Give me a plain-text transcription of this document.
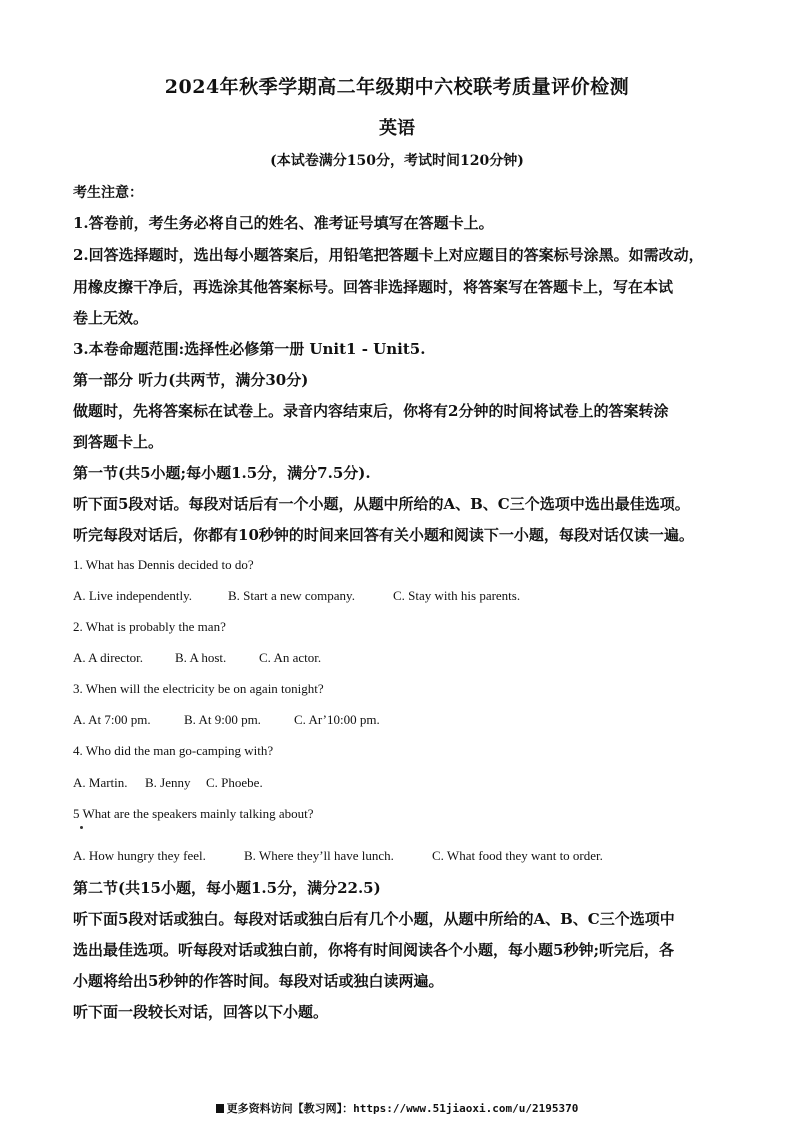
2024年秋季学期高二年级期中六校联考质量评价检测
英语
(本试卷满分150分，考试时间120分钟)
考生注意：
1.答卷前，考生务必将自己的姓名、准考证号填写在答题卡上。
2.回答选择题时，选出每小题答案后，用铅笔把答题卡上对应题目的答案标号涂黑。如需改动，
用橡皮擦干净后，再选涂其他答案标号。回答非选择题时，将答案写在答题卡上，写在本试
卷上无效。
3.本卷命题范围:选择性必修第一册 Unit1 - Unit5.
第一部分 听力(共两节，满分30分)
做题时，先将答案标在试卷上。录音内容结束后，你将有2分钟的时间将试卷上的答案转涂
到答题卡上。
第一节(共5小题;每小题1.5分，满分7.5分).
听下面5段对话。每段对话后有一个小题，从题中所给的A、B、C三个选项中选出最佳选项。
听完每段对话后，你都有10秒钟的时间来回答有关小题和阅读下一小题，每段对话仅读一遍。
1. What has Dennis decided to do?
A. Live independently.	B. Start a new company.	C. Stay with his parents.
2. What is probably the man?
A. A director. B. A host.	C. An actor.
3. When will the electricity be on again tonight?
A. At 7:00 pm.	B. At 9:00 pm.	C. Ar’10:00 pm.
4. Who did the man go-camping with?
A. Martin. B. Jenny C. Phoebe.
5 What are the speakers mainly talking about?
A. How hungry they feel.	B. Where they’ll have lunch.	C. What food they want to order.
第二节(共15小题，每小题1.5分，满分22.5)
听下面5段对话或独白。每段对话或独白后有几个小题，从题中所给的A、B、C三个选项中
选出最佳选项。听每段对话或独白前，你将有时间阅读各个小题，每小题5秒钟;听完后，各
小题将给出5秒钟的作答时间。每段对话或独白读两遍。
听下面一段较长对话，回答以下小题。
更多资料访问【教习网】：https://www.51jiaoxi.com/u/2195370
